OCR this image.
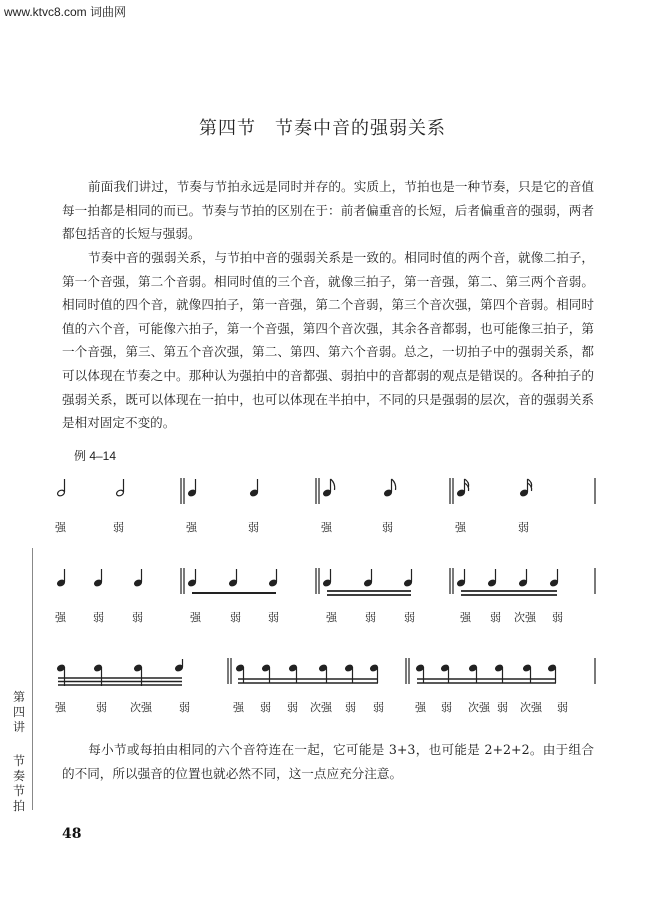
www.ktvc8.com 词曲网
第四节　节奏中音的强弱关系

前面我们讲过，节奏与节拍永远是同时并存的。实质上，节拍也是一种节奏，只是它的音值每一拍都是相同的而已。节奏与节拍的区别在于：前者偏重音的长短，后者偏重音的强弱，两者都包括音的长短与强弱。

节奏中音的强弱关系，与节拍中音的强弱关系是一致的。相同时值的两个音，就像二拍子，第一个音强，第二个音弱。相同时值的三个音，就像三拍子，第一音强，第二、第三两个音弱。相同时值的四个音，就像四拍子，第一音强，第二个音弱，第三个音次强，第四个音弱。相同时值的六个音，可能像六拍子，第一个音强，第四个音次强，其余各音都弱，也可能像三拍子，第一个音强，第三、第五个音次强，第二、第四、第六个音弱。总之，一切拍子中的强弱关系，都可以体现在节奏之中。那种认为强拍中的音都强、弱拍中的音都弱的观点是错误的。各种拍子的强弱关系，既可以体现在一拍中，也可以体现在半拍中，不同的只是强弱的层次，音的强弱关系是相对固定不变的。

例 4–14
强	弱	强	弱	强	弱	强	弱
强 弱	弱	强	弱 弱	强	弱	弱	强 弱 次强 弱
强	弱 次强 弱	强 弱 弱 次强 弱 弱	强 弱 次强 弱 次强 弱

每小节或每拍由相同的六个音符连在一起，它可能是 3+3，也可能是 2+2+2。由于组合的不同，所以强音的位置也就必然不同，这一点应充分注意。

第四讲
节奏节拍
48
